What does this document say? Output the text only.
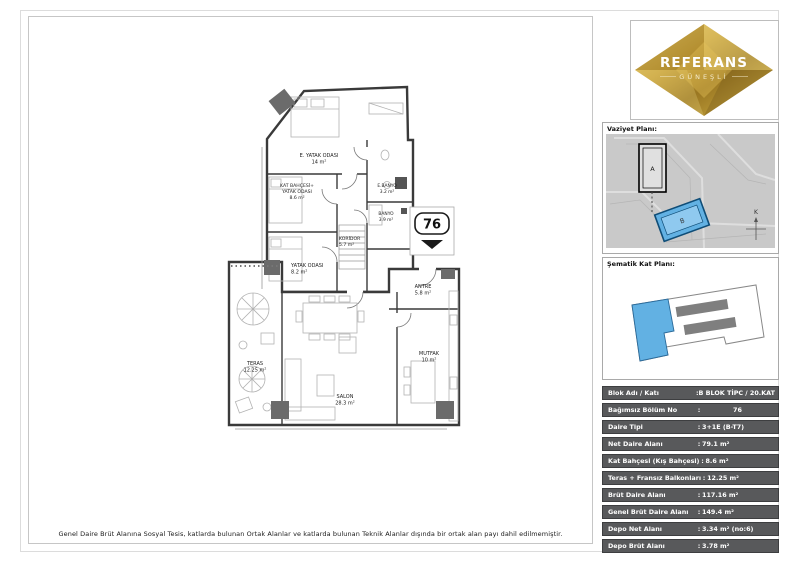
E. YATAK ODASI
14 m²
KAT BAHÇESİ+
YATAK ODASI
8.6 m²
E.BANYO
3.2 m²
BANYO
3.9 m²
KORİDOR
5.7 m²
YATAK ODASI
8.2 m²
ANTRE
5.8 m²
TERAS
12.25 m²
SALON
28.3 m²
MUTFAK
10 m²
76
Genel Daire Brüt Alanına Sosyal Tesis, katlarda bulunan Ortak Alanlar ve katlarda bulunan Teknik Alanlar dışında bir ortak alan payı dahil edilmemiştir.
REFERANS
GÜNEŞLİ
Vaziyet Planı:
A
B
K
Şematik Kat Planı:
Blok Adı / Katı	:B BLOK TİPC / 20.KAT
Bağımsız Bölüm No	:	76
Daire Tipi	: 3+1E (B-T7)
Net Daire Alanı	: 79.1 m²
Kat Bahçesi (Kış Bahçesi) : 8.6 m²
Teras + Fransız Balkonları : 12.25 m²
Brüt Daire Alanı	: 117.16 m²
Genel Brüt Daire Alanı	: 149.4 m²
Depo Net Alanı	: 3.34 m² (no:6)
Depo Brüt Alanı	: 3.78 m²
